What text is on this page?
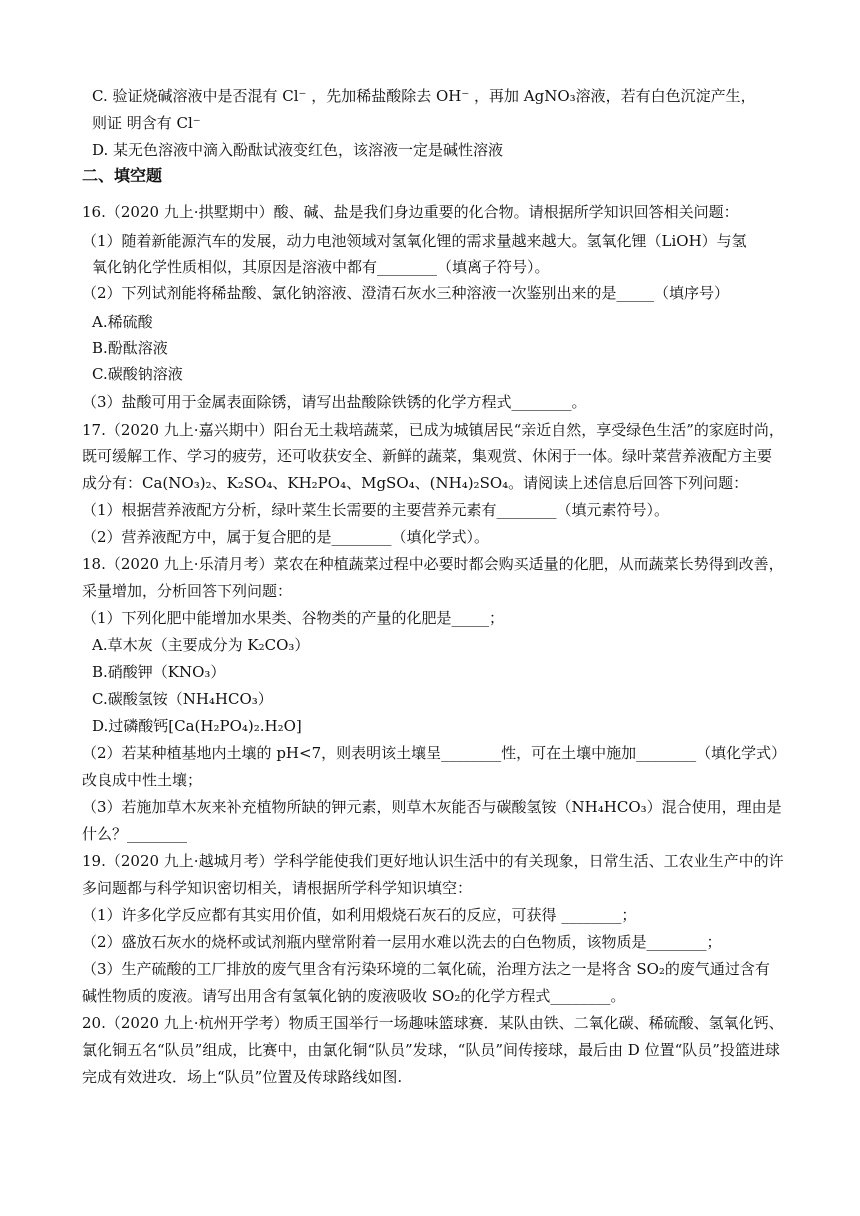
C. 验证烧碱溶液中是否混有 Cl⁻ ，先加稀盐酸除去 OH⁻ ，再加 AgNO₃溶液，若有白色沉淀产生，
则证 明含有 Cl⁻
D. 某无色溶液中滴入酚酞试液变红色，该溶液一定是碱性溶液
二、填空题
16.（2020 九上·拱墅期中）酸、碱、盐是我们身边重要的化合物。请根据所学知识回答相关问题：
（1）随着新能源汽车的发展，动力电池领域对氢氧化锂的需求量越来越大。氢氧化锂（LiOH）与氢
氧化钠化学性质相似，其原因是溶液中都有________（填离子符号）。
（2）下列试剂能将稀盐酸、氯化钠溶液、澄清石灰水三种溶液一次鉴别出来的是_____（填序号）
A.稀硫酸
B.酚酞溶液
C.碳酸钠溶液
（3）盐酸可用于金属表面除锈，请写出盐酸除铁锈的化学方程式________。
17.（2020 九上·嘉兴期中）阳台无土栽培蔬菜，已成为城镇居民“亲近自然，享受绿色生活”的家庭时尚，
既可缓解工作、学习的疲劳，还可收获安全、新鲜的蔬菜，集观赏、休闲于一体。绿叶菜营养液配方主要
成分有：Ca(NO₃)₂、K₂SO₄、KH₂PO₄、MgSO₄、(NH₄)₂SO₄。请阅读上述信息后回答下列问题：
（1）根据营养液配方分析，绿叶菜生长需要的主要营养元素有________（填元素符号）。
（2）营养液配方中，属于复合肥的是________（填化学式）。
18.（2020 九上·乐清月考）菜农在种植蔬菜过程中必要时都会购买适量的化肥，从而蔬菜长势得到改善，
采量增加，分析回答下列问题：
（1）下列化肥中能增加水果类、谷物类的产量的化肥是_____；
A.草木灰（主要成分为 K₂CO₃）
B.硝酸钾（KNO₃）
C.碳酸氢铵（NH₄HCO₃）
D.过磷酸钙[Ca(H₂PO₄)₂.H₂O]
（2）若某种植基地内土壤的 pH<7，则表明该土壤呈________性，可在土壤中施加________（填化学式）
改良成中性土壤；
（3）若施加草木灰来补充植物所缺的钾元素，则草木灰能否与碳酸氢铵（NH₄HCO₃）混合使用，理由是
什么？________
19.（2020 九上·越城月考）学科学能使我们更好地认识生活中的有关现象，日常生活、工农业生产中的许
多问题都与科学知识密切相关，请根据所学科学知识填空：
（1）许多化学反应都有其实用价值，如利用煅烧石灰石的反应，可获得 ________；
（2）盛放石灰水的烧杯或试剂瓶内壁常附着一层用水难以洗去的白色物质，该物质是________；
（3）生产硫酸的工厂排放的废气里含有污染环境的二氧化硫，治理方法之一是将含 SO₂的废气通过含有
碱性物质的废液。请写出用含有氢氧化钠的废液吸收 SO₂的化学方程式________。
20.（2020 九上·杭州开学考）物质王国举行一场趣味篮球赛．某队由铁、二氧化碳、稀硫酸、氢氧化钙、
氯化铜五名“队员”组成，比赛中，由氯化铜“队员”发球，“队员”间传接球，最后由 D 位置“队员”投篮进球
完成有效进攻．场上“队员”位置及传球路线如图.
